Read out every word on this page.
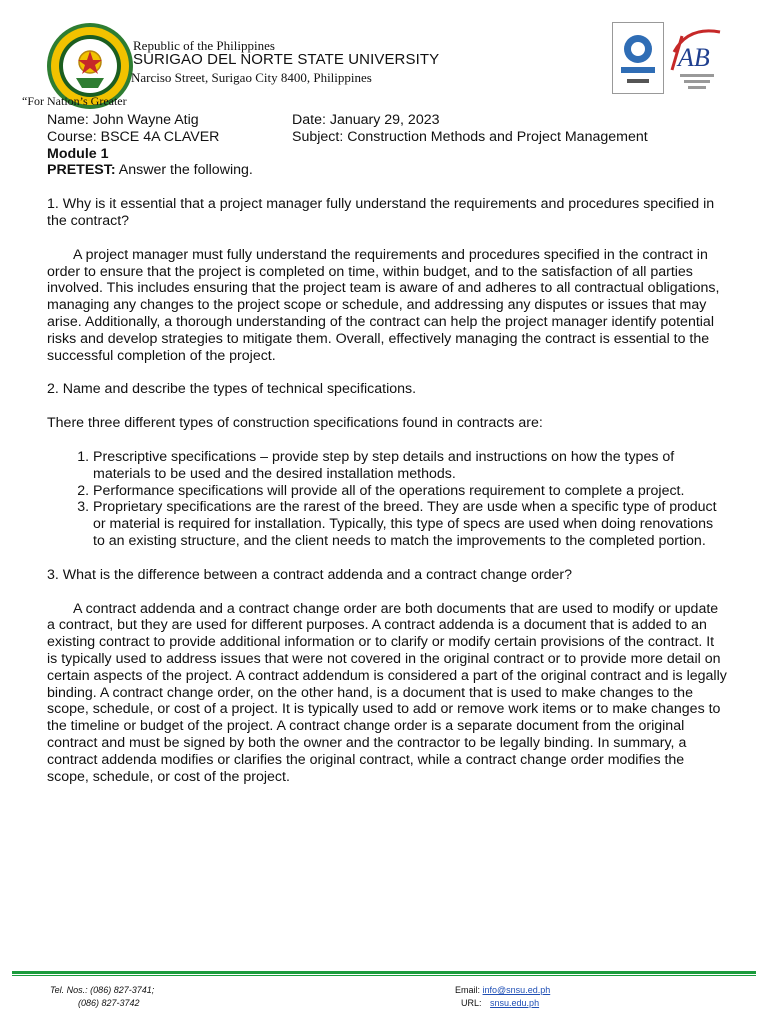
Republic of the Philippines
SURIGAO DEL NORTE STATE UNIVERSITY
Narciso Street, Surigao City 8400, Philippines
“For Nation’s Greater
AB
Name: John Wayne Atig	Date: January 29, 2023
Course: BSCE 4A CLAVER	Subject: Construction Methods and Project Management
Module 1
PRETEST: Answer the following.

1. Why is it essential that a project manager fully understand the requirements and procedures specified in the contract?

A project manager must fully understand the requirements and procedures specified in the contract in order to ensure that the project is completed on time, within budget, and to the satisfaction of all parties involved. This includes ensuring that the project team is aware of and adheres to all contractual obligations, managing any changes to the project scope or schedule, and addressing any disputes or issues that may arise. Additionally, a thorough understanding of the contract can help the project manager identify potential risks and develop strategies to mitigate them. Overall, effectively managing the contract is essential to the successful completion of the project.

2. Name and describe the types of technical specifications.

There three different types of construction specifications found in contracts are:

1. Prescriptive specifications – provide step by step details and instructions on how the types of materials to be used and the desired installation methods.
2. Performance specifications will provide all of the operations requirement to complete a project.
3. Proprietary specifications are the rarest of the breed. They are usde when a specific type of product or material is required for installation. Typically, this type of specs are used when doing renovations to an existing structure, and the client needs to match the improvements to the completed portion.

3. What is the difference between a contract addenda and a contract change order?

A contract addenda and a contract change order are both documents that are used to modify or update a contract, but they are used for different purposes. A contract addenda is a document that is added to an existing contract to provide additional information or to clarify or modify certain provisions of the contract. It is typically used to address issues that were not covered in the original contract or to provide more detail on certain aspects of the project. A contract addendum is considered a part of the original contract and is legally binding. A contract change order, on the other hand, is a document that is used to make changes to the scope, schedule, or cost of a project. It is typically used to add or remove work items or to make changes to the timeline or budget of the project. A contract change order is a separate document from the original contract and must be signed by both the owner and the contractor to be legally binding. In summary, a contract addenda modifies or clarifies the original contract, while a contract change order modifies the scope, schedule, or cost of the project.

Tel. Nos.: (086) 827-3741;
(086) 827-3742
Email: info@snsu.ed.ph
URL: snsu.edu.ph
